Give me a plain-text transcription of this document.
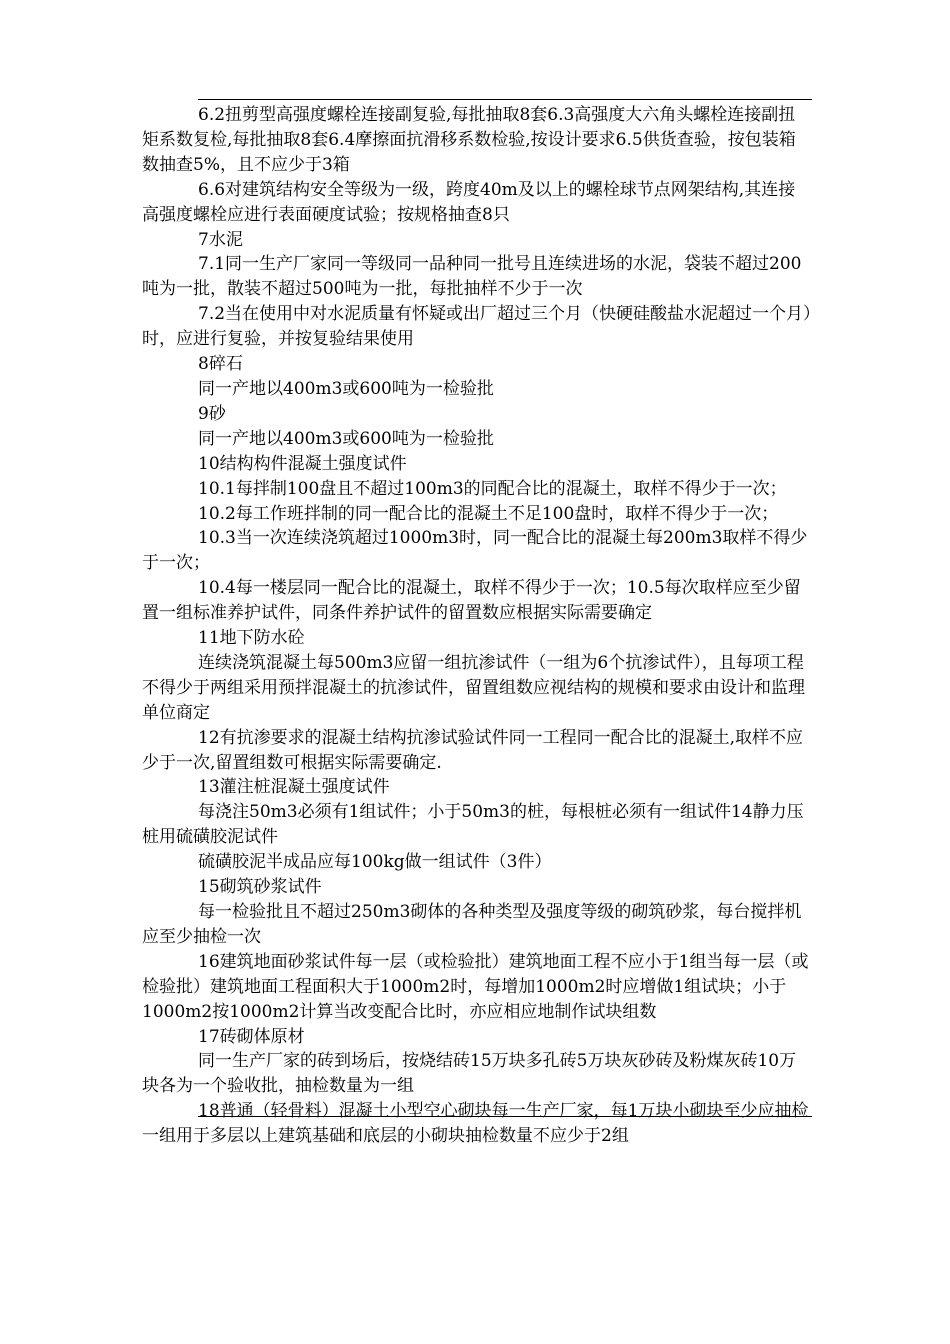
6.2扭剪型高强度螺栓连接副复验,每批抽取8套6.3高强度大六角头螺栓连接副扭矩系数复检,每批抽取8套6.4摩擦面抗滑移系数检验,按设计要求6.5供货查验，按包装箱数抽查5%，且不应少于3箱

6.6对建筑结构安全等级为一级，跨度40m及以上的螺栓球节点网架结构,其连接高强度螺栓应进行表面硬度试验；按规格抽查8只

7水泥

7.1同一生产厂家同一等级同一品种同一批号且连续进场的水泥，袋装不超过200吨为一批，散装不超过500吨为一批，每批抽样不少于一次

7.2当在使用中对水泥质量有怀疑或出厂超过三个月（快硬硅酸盐水泥超过一个月）时，应进行复验，并按复验结果使用

8碎石

同一产地以400m3或600吨为一检验批

9砂

同一产地以400m3或600吨为一检验批

10结构构件混凝土强度试件

10.1每拌制100盘且不超过100m3的同配合比的混凝土，取样不得少于一次；

10.2每工作班拌制的同一配合比的混凝土不足100盘时，取样不得少于一次；

10.3当一次连续浇筑超过1000m3时，同一配合比的混凝土每200m3取样不得少于一次；

10.4每一楼层同一配合比的混凝土，取样不得少于一次；10.5每次取样应至少留置一组标准养护试件，同条件养护试件的留置数应根据实际需要确定

11地下防水砼

连续浇筑混凝土每500m3应留一组抗渗试件（一组为6个抗渗试件），且每项工程不得少于两组采用预拌混凝土的抗渗试件，留置组数应视结构的规模和要求由设计和监理单位商定

12有抗渗要求的混凝土结构抗渗试验试件同一工程同一配合比的混凝土,取样不应少于一次,留置组数可根据实际需要确定.

13灌注桩混凝土强度试件

每浇注50m3必须有1组试件；小于50m3的桩，每根桩必须有一组试件14静力压桩用硫磺胶泥试件

硫磺胶泥半成品应每100kg做一组试件（3件）

15砌筑砂浆试件

每一检验批且不超过250m3砌体的各种类型及强度等级的砌筑砂浆，每台搅拌机应至少抽检一次

16建筑地面砂浆试件每一层（或检验批）建筑地面工程不应小于1组当每一层（或检验批）建筑地面工程面积大于1000m2时，每增加1000m2时应增做1组试块；小于1000m2按1000m2计算当改变配合比时，亦应相应地制作试块组数

17砖砌体原材

同一生产厂家的砖到场后，按烧结砖15万块多孔砖5万块灰砂砖及粉煤灰砖10万块各为一个验收批，抽检数量为一组

18普通（轻骨料）混凝土小型空心砌块每一生产厂家，每1万块小砌块至少应抽检一组用于多层以上建筑基础和底层的小砌块抽检数量不应少于2组
